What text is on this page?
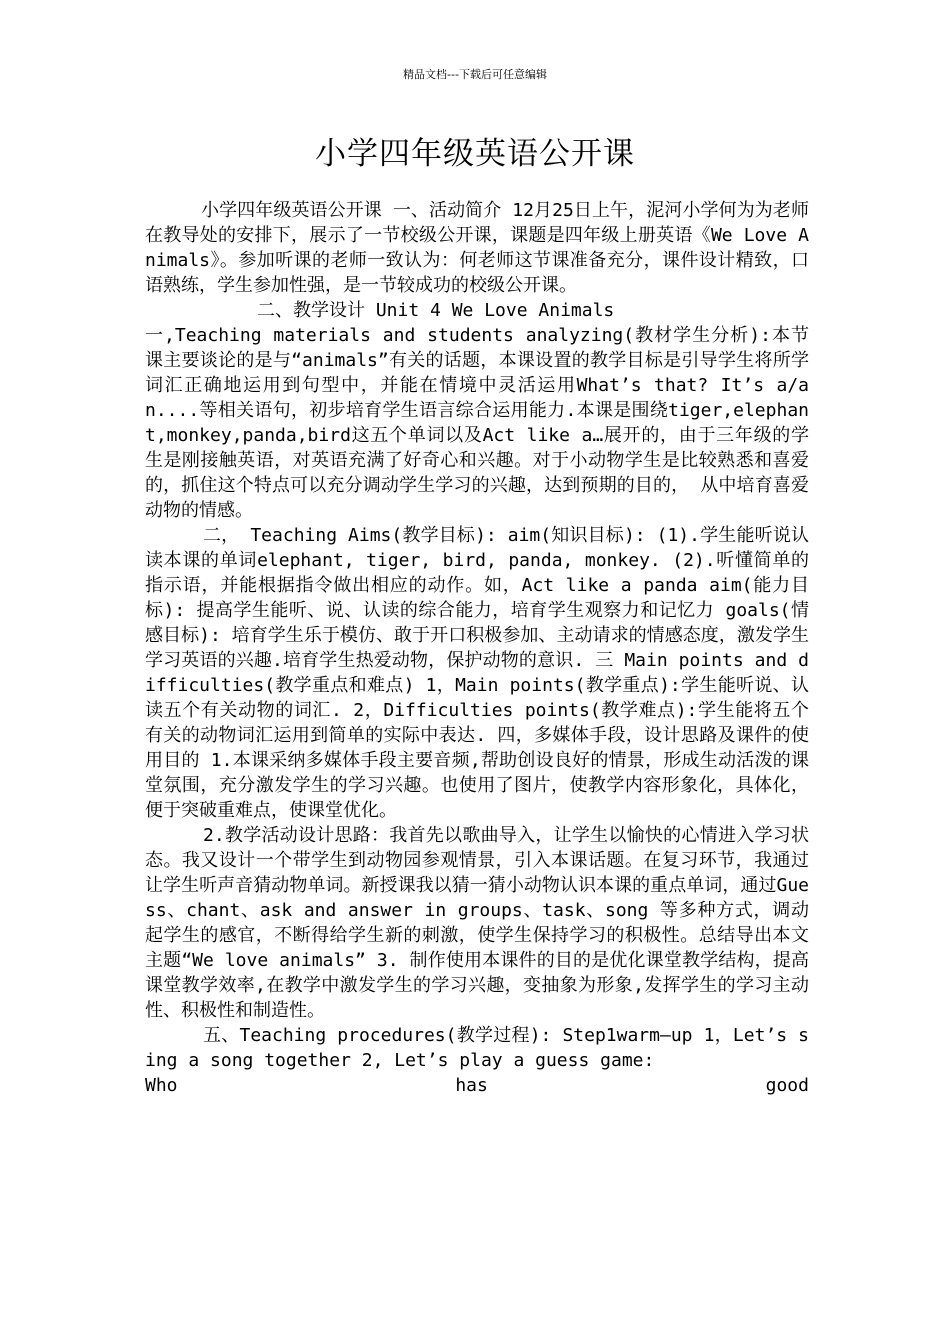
精品文档---下载后可任意编辑
小学四年级英语公开课

小学四年级英语公开课 一、活动简介 12月25日上午，泥河小学何为为老师在教导处的安排下，展示了一节校级公开课，课题是四年级上册英语《We Love Animals》。参加听课的老师一致认为：何老师这节课准备充分，课件设计精致，口语熟练，学生参加性强，是一节较成功的校级公开课。

二、教学设计 Unit 4 We Love Animals

一,Teaching materials and students analyzing(教材学生分析):本节课主要谈论的是与“animals”有关的话题，本课设置的教学目标是引导学生将所学词汇正确地运用到句型中，并能在情境中灵活运用What’s that? It’s a/an....等相关语句，初步培育学生语言综合运用能力.本课是围绕tiger,elephant,monkey,panda,bird这五个单词以及Act like a…展开的，由于三年级的学生是刚接触英语，对英语充满了好奇心和兴趣。对于小动物学生是比较熟悉和喜爱的，抓住这个特点可以充分调动学生学习的兴趣，达到预期的目的， 从中培育喜爱动物的情感。

二， Teaching Aims(教学目标): aim(知识目标): (1).学生能听说认读本课的单词elephant, tiger, bird, panda, monkey. (2).听懂简单的指示语，并能根据指令做出相应的动作。如，Act like a panda aim(能力目标): 提高学生能听、说、认读的综合能力，培育学生观察力和记忆力 goals(情感目标): 培育学生乐于模仿、敢于开口积极参加、主动请求的情感态度，激发学生学习英语的兴趣.培育学生热爱动物，保护动物的意识. 三 Main points and difficulties(教学重点和难点) 1，Main points(教学重点):学生能听说、认读五个有关动物的词汇. 2，Difficulties points(教学难点):学生能将五个有关的动物词汇运用到简单的实际中表达. 四，多媒体手段，设计思路及课件的使用目的 1.本课采纳多媒体手段主要音频,帮助创设良好的情景，形成生动活泼的课堂氛围，充分激发学生的学习兴趣。也使用了图片，使教学内容形象化，具体化，便于突破重难点，使课堂优化。

2.教学活动设计思路：我首先以歌曲导入，让学生以愉快的心情进入学习状态。我又设计一个带学生到动物园参观情景，引入本课话题。在复习环节，我通过让学生听声音猜动物单词。新授课我以猜一猜小动物认识本课的重点单词，通过Guess、chant、ask and answer in groups、task、song 等多种方式，调动起学生的感官，不断得给学生新的刺激，使学生保持学习的积极性。总结导出本文主题“We love animals” 3. 制作使用本课件的目的是优化课堂教学结构，提高课堂教学效率,在教学中激发学生的学习兴趣，变抽象为形象,发挥学生的学习主动性、积极性和制造性。

五、Teaching procedures(教学过程): Step1warm—up 1，Let’s sing a song together 2, Let’s play a guess game:

Who	has	good
